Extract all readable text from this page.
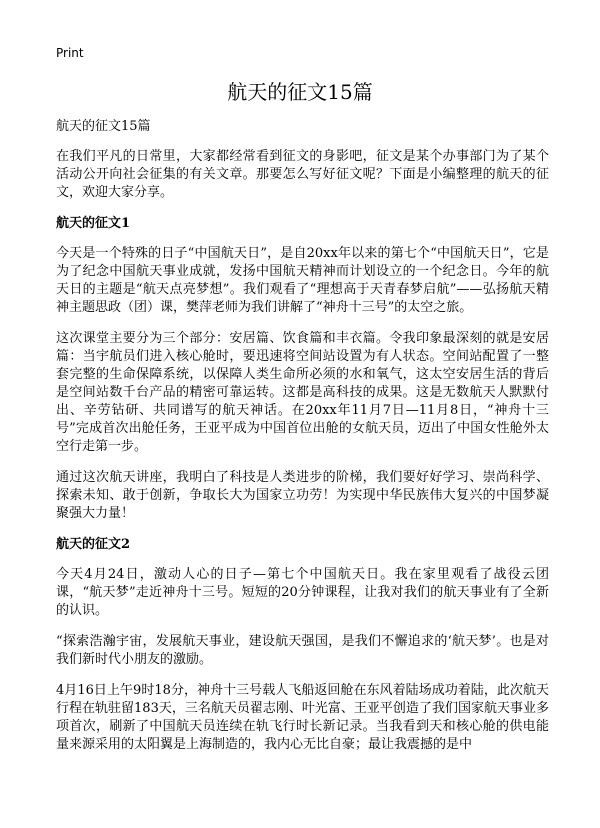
Print
航天的征文15篇

航天的征文15篇

在我们平凡的日常里，大家都经常看到征文的身影吧，征文是某个办事部门为了某个活动公开向社会征集的有关文章。那要怎么写好征文呢？下面是小编整理的航天的征文，欢迎大家分享。

航天的征文1

今天是一个特殊的日子“中国航天日”，是自20xx年以来的第七个“中国航天日”，它是为了纪念中国航天事业成就，发扬中国航天精神而计划设立的一个纪念日。今年的航天日的主题是“航天点亮梦想”。我们观看了“理想高于天青春梦启航”——弘扬航天精神主题思政（团）课，樊萍老师为我们讲解了“神舟十三号”的太空之旅。

这次课堂主要分为三个部分：安居篇、饮食篇和丰衣篇。令我印象最深刻的就是安居篇：当宇航员们进入核心舱时，要迅速将空间站设置为有人状态。空间站配置了一整套完整的生命保障系统，以保障人类生命所必须的水和氧气，这太空安居生活的背后是空间站数千台产品的精密可靠运转。这都是高科技的成果。这是无数航天人默默付出、辛劳钻研、共同谱写的航天神话。在20xx年11月7日—11月8日，“神舟十三号”完成首次出舱任务，王亚平成为中国首位出舱的女航天员，迈出了中国女性舱外太空行走第一步。

通过这次航天讲座，我明白了科技是人类进步的阶梯，我们要好好学习、崇尚科学、探索未知、敢于创新，争取长大为国家立功劳！为实现中华民族伟大复兴的中国梦凝聚强大力量！

航天的征文2

今天4月24日，激动人心的日子—第七个中国航天日。我在家里观看了战役云团课，“航天梦”走近神舟十三号。短短的20分钟课程，让我对我们的航天事业有了全新的认识。

“探索浩瀚宇宙，发展航天事业，建设航天强国，是我们不懈追求的‘航天梦’。也是对我们新时代小朋友的激励。

4月16日上午9时18分，神舟十三号载人飞船返回舱在东风着陆场成功着陆，此次航天行程在轨驻留183天，三名航天员翟志刚、叶光富、王亚平创造了我们国家航天事业多项首次，刷新了中国航天员连续在轨飞行时长新记录。当我看到天和核心舱的供电能量来源采用的太阳翼是上海制造的，我内心无比自豪；最让我震撼的是中
